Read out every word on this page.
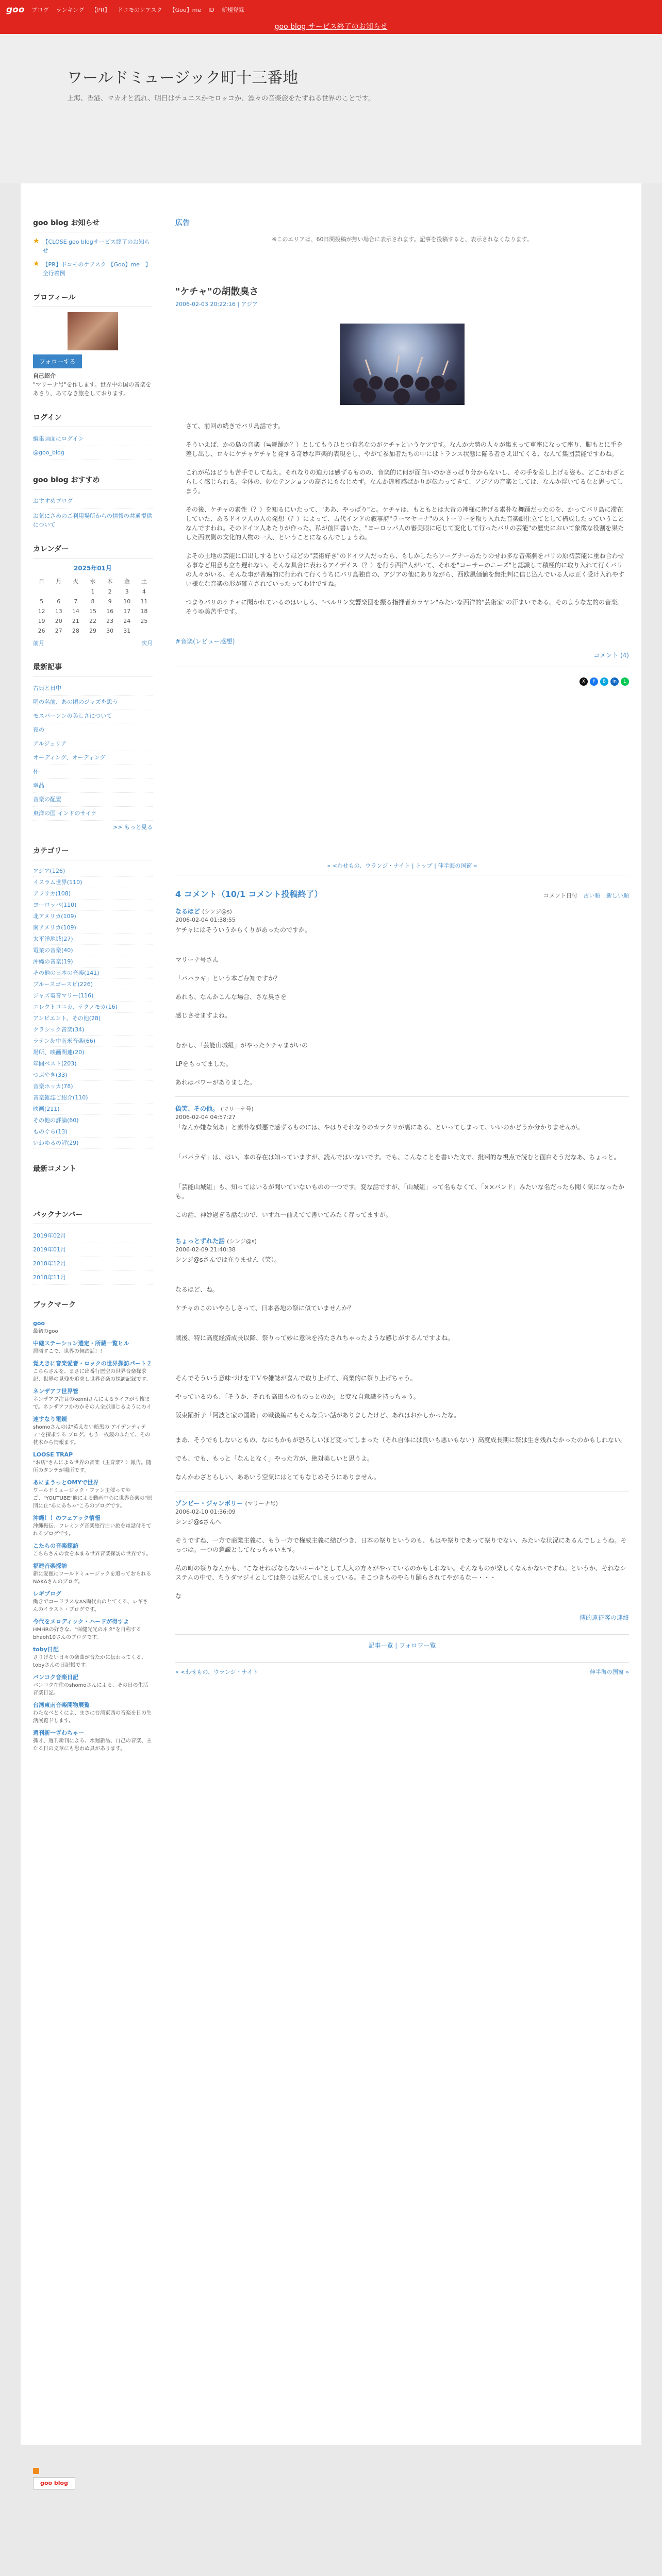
goo ブログ ランキング 【PR】 ドコモのケアスク 【Goo】me ID 新規登録
goo blog サービス終了のお知らせ
ワールドミュージック町十三番地
上海、香港、マカオと流れ、明日はチュニスかモロッコか、漂々の音楽旅をたずねる世界のことです。
goo blog お知らせ
★ 【CLOSE goo blogサービス終了のお知らせ
★ 【PR】ドコモのケアスク 【Goo】me！】 全行着例
プロフィール
フォローする
自己紹介
"マリーナ号"を作します。世界中の国の音楽をあさり、あてなき旅をしております。
ログイン
編集画面にログイン
@goo_blog
goo blog おすすめ
おすすめブログ
お気にさめのご利用場所からの情報の共通提供について
カレンダー
2025年01月
日	月	火	水	木	金	土
			1	2	3	4
5	6	7	8	9	10	11
12	13	14	15	16	17	18
19	20	21	22	23	24	25
26	27	28	29	30	31	
前月	次月
最新記事
古典と日中
明の名前、あの頃のジャズを思う
モスバーンンの美しさについて
夜の
アルジュリア
オーディング、オーディング
杯
幸晶
音楽の配置
東洋の国 インドのサイケ
>> もっと見る
カテゴリー
アジア(126)
イスラム世界(110)
アフリカ(108)
ヨーロッパ(110)
北アメリカ(109)
南アメリカ(109)
太平洋地域(27)
電業の音楽(40)
沖縄の音楽(19)
その他の日本の音楽(141)
ブルースゴースピ(226)
ジャズ電音マリー(116)
エレクトロニカ、テクノモカ(16)
アンビエント、その他(28)
クラシック音楽(34)
ラテン＆中南米音楽(66)
場所、映画関連(20)
年間ベスト(203)
つぶやき(33)
音楽ホッカ(78)
音楽雑誌ご紹介(110)
映画(211)
その他の評論(60)
ものぐら(13)
いわゆるの評(29)
最新コメント
バックナンバー
2019年02月
2019年01月
2018年12月
2018年11月
ブックマーク
goo
最初のgoo
中継ステーション選定・所蔵一覧ヒル
居酒すこで、世界の舞踏話！！
覚えきに音楽愛者・ロックの世界探訪パート２
こちらさんを、まさに出番行歴空の世界音楽探求記、世界の見残を追求し世界音楽の探訪記録です。
ネンザアフ世界管
ネンザアフ注目のkenniさんによるライフがう懐まで。ネンザアフかのかその人全が通じるようにのイ
速すなり電鏡
shomoさんのは"英えない暗黒の アイデンティティ"を探求する ブログ。もう一枚鏡のふたて、その枕木から情報ます。
LOOSE TRAP
"お店"さんによる世界の音楽（主音楽？）報告。随所のタンデが場所です。
あにまうっとOMYで世界
ワールドミュージック・ファン主催ってやご、"YOUTUBE"他による動画中心に世界音楽の"原団に止"あにあちゃ"ころのブログです。
沖縄！！のフェアック情報
沖縄振伝、フレミング音楽旅行白い旅を電話付そてれるブログです。
こたらの音楽探訪
こちらさんの食を本まる世界音楽探訪の世界です。
福建音楽探訪
新に愛撫にワールドミュージックを追っておられるNAKAさんのブログ。
レギブログ
働きでコードラスなAS両代山のとてくる、レギさんのイラスト・ブログです。
今代をメロディック・ハードが得すよ
HMHRの好きな、"保健光光のネタ"を自称するbhaoh10さんのブログです。
toby日記
さりげない日々の楽曲が音たかに伝わってくる、tobyさんの日記帳です。
バンコク音楽日記
バンコク在住のshomoさんによる、その日の生活音楽日記。
台湾東南音楽開物展覧
わたなべとくによ、まさに台湾東西の音楽を日の生活展覧ドします。
週刊新一ざわちゃー
孤才、週刊新刊による、水週新品、自己の音楽、主たる日の文章にも思わぬ具があります。
広告
※このエリアは、60日間投稿が無い場合に表示されます。記事を投稿すると、表示されなくなります。
"ケチャ"の胡散臭さ
2006-02-03 20:22:16 | アジア

さて、前回の続きでバリ島話です。

そういえば、かの島の音楽（≒舞踊か？）としてもうひとつ有名なのがケチャというヤツです。なんか大勢の人々が集まって車座になって座り、脚もとに手を差し出し、ロ々にケチャケチャと発する奇妙な声楽的表現をし、やがて参加者たちの中にはトランス状態に陥る者さえ出てくる、なんて集団芸能ですわね。

これが私はどうも苦手でしてねえ。それなりの迫力は感ずるものの、音楽的に何が面白いのかさっぱり分からないし、その手を差し上げる姿も、どこかわざとらしく感じられる。全体の、妙なテンションの高さにもなじめず。なんか違和感ばかりが伝わってきて、アジアの音楽としては、なんか浮いてるなと思ってしまう。

その後、ケチャの素性（？）を知るにいたって、"ああ、やっぱり"と。ケチャは、もともとは大昔の神様に捧げる素朴な舞踊だったのを、かってバリ島に滞在していた、あるドイツ人の人の発想（？）によって、古代インドの叙事詩"ラーマヤーナ"のストーリーを取り入れた音楽劇仕立てとして構成したっていうことなんですわね。そのドイツ人あたりが作った、私が前回書いた、"ヨーロッパ人の審美眼に応じて変化して行ったバリの芸能"の歴史において象徴な役割を果たした西欧側の文化的人物の一人、ということになるんでしょうね。

よその土地の芸能に口出しするというほどの"芸術好き"のドイツ人だったら、もしかしたらワーグナーあたりのせわ多な音楽劇をバリの原初芸能に重ね合わせる事など用意も立ち遅れない。そんな具合に表わるアイデイス（？）を行う西洋人がいて、それを"コーサーのニーズ"と認識して積極的に取り入れて行くバリの人々がいる、そんな事が普遍的に行われて行くうちにバリ島独自の、アジアの他にありながら、西欧風価値を無批判に信じ込んでいる人は正く受け入れやすい様なな音楽の形が確立されていったってわけですね。

つまりバリのケチャに聞かれているのはいしろ、"ペルリン交響楽団を振る指揮者カラヤン"みたいな西洋的"芸術家"の汗まいである。そのような左的の音楽。そうゆ美苦手です。

#音楽(レビュー感想)
コメント (4)
X	f	B	in	L
« <わせもの、ウランジ・ナイト | トップ | 伸半海の国窗 »
4 コメント（10/1 コメント投稿終了）	コメント日付 古い順 新しい順
なるほど (シンジ@s)
2006-02-04 01:38:55

ケチャにはそういうからくりがあったのですか。

マリーナ号さん

「バパラギ」という本ご存知ですか？

あれも、なんかこんな場合、さな臭さを

感じさせますよね。

むかし、「芸能山城組」がやったケチャまがいの

LPをもってました。

あれはパワーがありました。

偽笑、その他。 (マリーナ号)
2006-02-04 04:57:27

「なんか嫌な気あ」と素朴な嫌悪で感ずるものには、やはりそれなりのカラクリが裏にある、といってしまって、いいのかどうか分かりませんが。

「バパラギ」は、はい、本の存在は知っていますが、読んではいないです。でも、こんなことを書いた文で、批判的な視点で読むと面白そうだなあ、ちょっと。

「芸能山城組」も、知ってはいるが聞いていないものの一つです。変な話ですが、「山城組」って名もなくて、「××バンド」みたいな名だったら聞く気になったかも。

この話、神妙過ぎる話なので、いずれ一曲えてて書いてみたく存ってますが。

ちょっとずれた話 (シンジ@s)
2006-02-09 21:40:38

シンジ@sさんでは在りません（笑）。

なるほど、ね。

ケチャのこのいやらしさって、日本各地の祭に似ていませんか？

戦後、特に高度経済成長以降、祭りって妙に意味を持たされちゃったような感じがするんですよね。

そんでそういう意味づけをＴＶや雑誌が喜んで取り上げて、商業的に祭り上げちゃう。

やっているのも、「そうか、それも高田ものものっとのか」と変な自意識を持っちゃう。

阪東踊折子「阿波と家の国籍」の戦後編にもそんな呉い話がありましたけど、あれはおかしかったな。

まあ、そうでもしないともの、なにもかもが恐ろしいほど変ってしまった（それ自体には良いも悪いもない）高度成長期に祭は生き残れなかったのかもしれない。

でも、でも、もっと「なんとなく」やった方が、絶対美しいと思うよ。

なんかわざとらしい、ああいう空気にはとてもなじめそうにありません。

ゾンビー・ジャンボリー (マリーナ号)
2006-02-10 01:36:09

シンジ@sさんへ

そうですね、一方で商業主義に、もう一方で権威主義に結びつき、日本の祭りというのも、もはや祭りであって祭りでない、みたいな状況にあるんでしょうね。そっつは。一つの意識としてなっちゃいます。

私の町の祭りなんかも、"こなせねばならないルール"として大人の方々がやっているのかもしれない。そんなものが楽しくなんかないですね。というか、それなシステムの中で、ちうダマジイとしては祭りは死んでしまっている。そこつきものやらり踊らされてやがるなー・・・

な

傅的遠征客の連絡
記事一覧 | フォロワー覧
« <わせもの、ウランジ・ナイト	伸半海の国窗 »
goo blog
